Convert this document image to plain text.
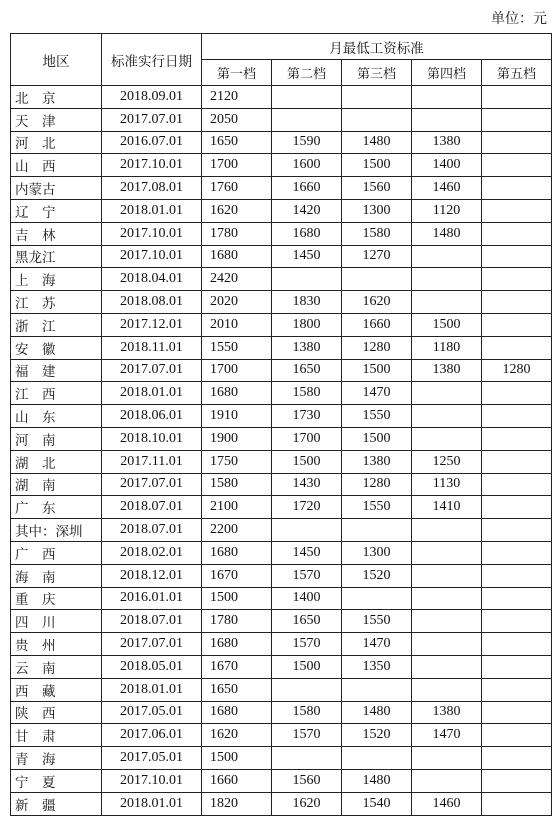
单位：元
地区	标准实行日期	月最低工资标准				
		第一档	第二档	第三档	第四档	第五档
北　京	2018.09.01	2120				
天　津	2017.07.01	2050				
河　北	2016.07.01	1650	1590	1480	1380	
山　西	2017.10.01	1700	1600	1500	1400	
内蒙古	2017.08.01	1760	1660	1560	1460	
辽　宁	2018.01.01	1620	1420	1300	1120	
吉　林	2017.10.01	1780	1680	1580	1480	
黑龙江	2017.10.01	1680	1450	1270		
上　海	2018.04.01	2420				
江　苏	2018.08.01	2020	1830	1620		
浙　江	2017.12.01	2010	1800	1660	1500	
安　徽	2018.11.01	1550	1380	1280	1180	
福　建	2017.07.01	1700	1650	1500	1380	1280
江　西	2018.01.01	1680	1580	1470		
山　东	2018.06.01	1910	1730	1550		
河　南	2018.10.01	1900	1700	1500		
湖　北	2017.11.01	1750	1500	1380	1250	
湖　南	2017.07.01	1580	1430	1280	1130	
广　东	2018.07.01	2100	1720	1550	1410	
其中：深圳	2018.07.01	2200				
广　西	2018.02.01	1680	1450	1300		
海　南	2018.12.01	1670	1570	1520		
重　庆	2016.01.01	1500	1400			
四　川	2018.07.01	1780	1650	1550		
贵　州	2017.07.01	1680	1570	1470		
云　南	2018.05.01	1670	1500	1350		
西　藏	2018.01.01	1650				
陕　西	2017.05.01	1680	1580	1480	1380	
甘　肃	2017.06.01	1620	1570	1520	1470	
青　海	2017.05.01	1500				
宁　夏	2017.10.01	1660	1560	1480		
新　疆	2018.01.01	1820	1620	1540	1460	
